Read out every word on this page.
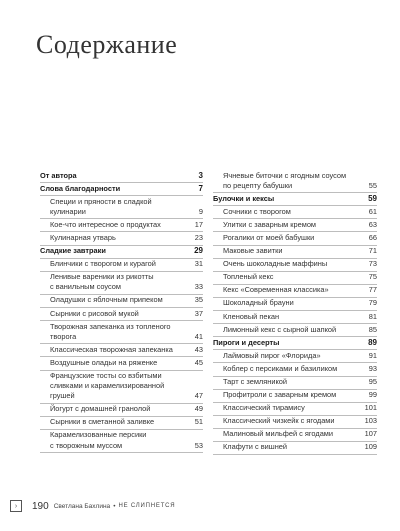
Содержание
От автора	3
Слова благодарности	7
Специи и пряности в сладкой
кулинарии	9
Кое-что интересное о продуктах	17
Кулинарная утварь	23
Сладкие завтраки	29
Блинчики с творогом и курагой	31
Ленивые вареники из рикотты
с ванильным соусом	33
Оладушки с яблочным припеком	35
Сырники с рисовой мукой	37
Творожная запеканка из топленого
творога	41
Классическая творожная запеканка	43
Воздушные оладьи на ряженке	45
Французские тосты со взбитыми
сливками и карамелизированной
грушей	47
Йогурт с домашней гранолой	49
Сырники в сметанной заливке	51
Карамелизованные персики
с творожным муссом	53
Ячневые биточки с ягодным соусом
по рецепту бабушки	55
Булочки и кексы	59
Сочники с творогом	61
Улитки с заварным кремом	63
Рогалики от моей бабушки	66
Маковые завитки	71
Очень шоколадные маффины	73
Топленый кекс	75
Кекс «Современная классика»	77
Шоколадный брауни	79
Кленовый пекан	81
Лимонный кекс с сырной шапкой	85
Пироги и десерты	89
Лаймовый пирог «Флорида»	91
Коблер с персиками и базиликом	93
Тарт с земляникой	95
Профитроли с заварным кремом	99
Классический тирамису	101
Классический чизкейк с ягодами	103
Малиновый мильфей с ягодами	107
Клафути с вишней	109
›	190 Светлана Бахлина • НЕ СЛИПНЕТСЯ
